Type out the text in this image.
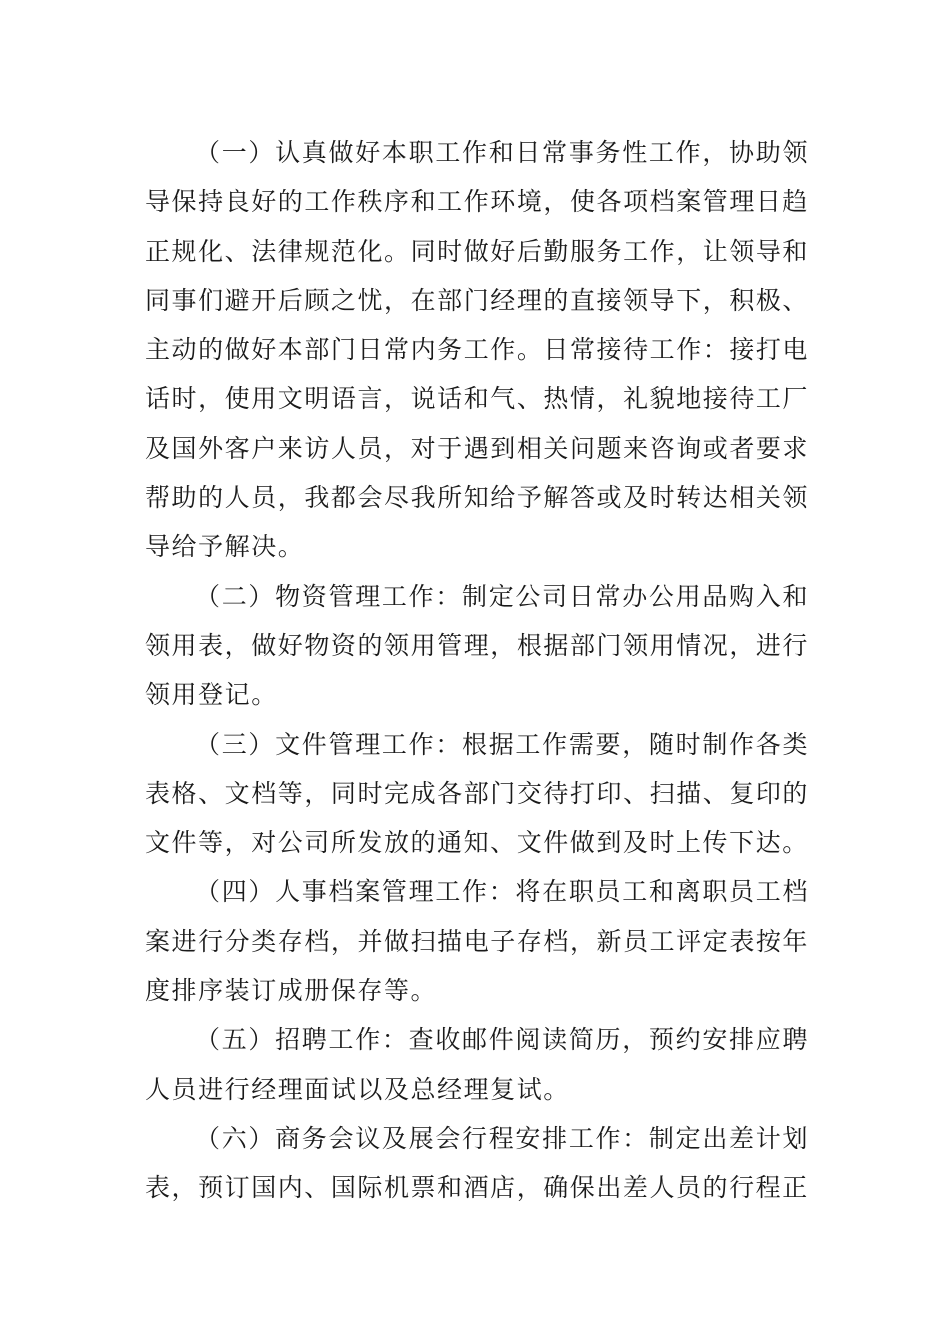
（一）认真做好本职工作和日常事务性工作，协助领导保持良好的工作秩序和工作环境，使各项档案管理日趋正规化、法律规范化。同时做好后勤服务工作，让领导和同事们避开后顾之忧，在部门经理的直接领导下，积极、主动的做好本部门日常内务工作。日常接待工作：接打电话时，使用文明语言，说话和气、热情，礼貌地接待工厂及国外客户来访人员，对于遇到相关问题来咨询或者要求帮助的人员，我都会尽我所知给予解答或及时转达相关领导给予解决。

（二）物资管理工作：制定公司日常办公用品购入和领用表，做好物资的领用管理，根据部门领用情况，进行领用登记。

（三）文件管理工作：根据工作需要，随时制作各类表格、文档等，同时完成各部门交待打印、扫描、复印的文件等，对公司所发放的通知、文件做到及时上传下达。

（四）人事档案管理工作：将在职员工和离职员工档案进行分类存档，并做扫描电子存档，新员工评定表按年度排序装订成册保存等。

（五）招聘工作：查收邮件阅读简历，预约安排应聘人员进行经理面试以及总经理复试。

（六）商务会议及展会行程安排工作：制定出差计划表，预订国内、国际机票和酒店，确保出差人员的行程正
